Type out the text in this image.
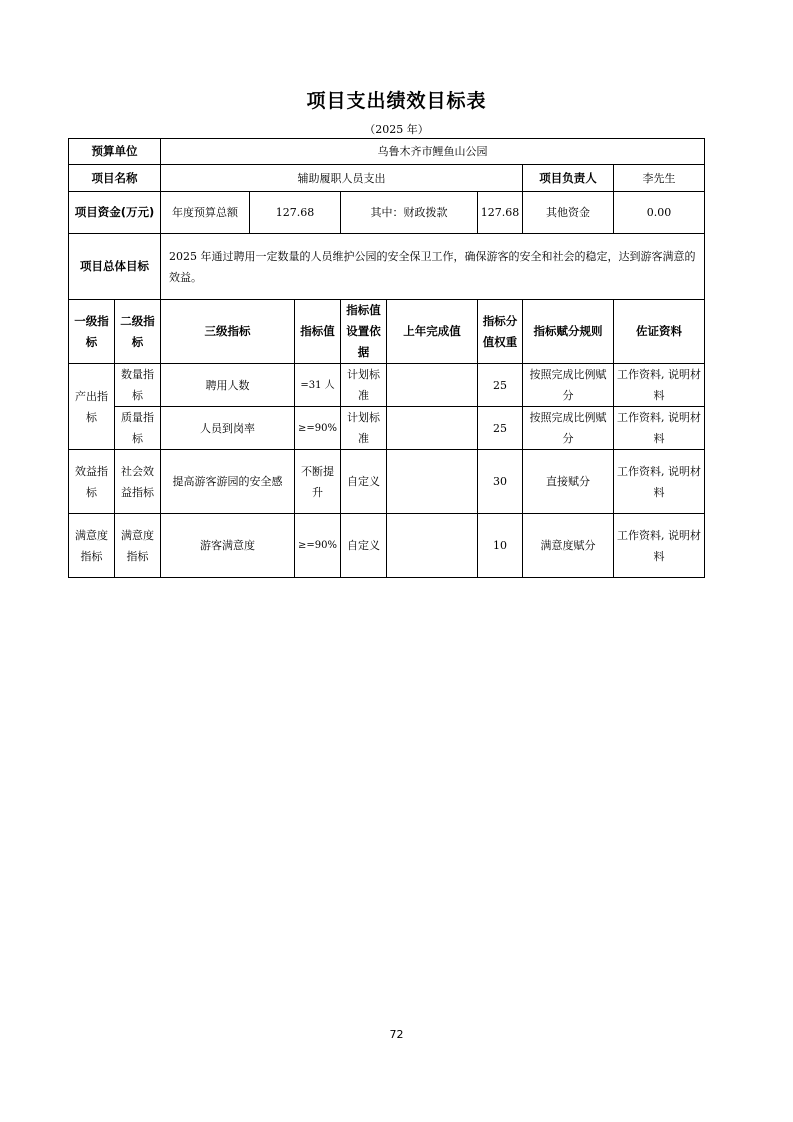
项目支出绩效目标表
（2025 年）
预算单位		乌鲁木齐市鲤鱼山公园							
项目名称		辅助履职人员支出						项目负责人	李先生
项目资金(万元)		年度预算总额	127.68		其中：财政拨款		127.68	其他资金	0.00
项目总体目标		2025 年通过聘用一定数量的人员维护公园的安全保卫工作，确保游客的安全和社会的稳定，达到游客满意的效益。							
一级指标	二级指标	三级指标		指标值	指标值设置依据	上年完成值	指标分值权重	指标赋分规则	佐证资料
产出指标	数量指标	聘用人数		=31 人	计划标准		25	按照完成比例赋分	工作资料, 说明材料
	质量指标	人员到岗率		≥=90%	计划标准		25	按照完成比例赋分	工作资料, 说明材料
效益指标	社会效益指标	提高游客游园的安全感		不断提升	自定义		30	直接赋分	工作资料, 说明材料
满意度指标	满意度指标	游客满意度		≥=90%	自定义		10	满意度赋分	工作资料, 说明材料
72
